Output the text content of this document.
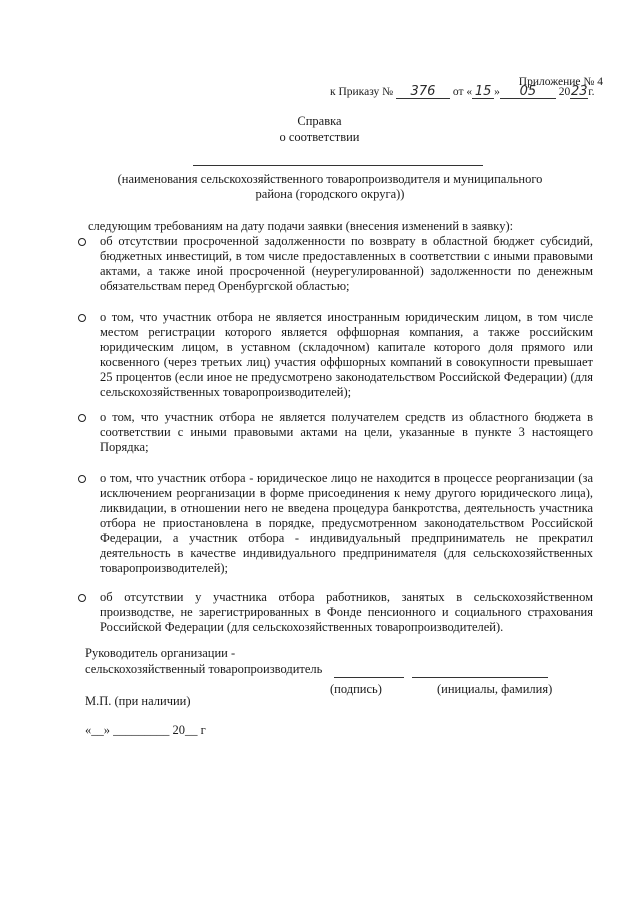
Приложение № 4
к Приказу № 376 от « 15 » 05 2023г.
Справка
о соответствии
(наименования сельскохозяйственного товаропроизводителя и муниципального района (городского округа))
следующим требованиям на дату подачи заявки (внесения изменений в заявку):
об отсутствии просроченной задолженности по возврату в областной бюджет субсидий, бюджетных инвестиций, в том числе предоставленных в соответствии с иными правовыми актами, а также иной просроченной (неурегулированной) задолженности по денежным обязательствам перед Оренбургской областью;
о том, что участник отбора не является иностранным юридическим лицом, в том числе местом регистрации которого является оффшорная компания, а также российским юридическим лицом, в уставном (складочном) капитале которого доля прямого или косвенного (через третьих лиц) участия оффшорных компаний в совокупности превышает 25 процентов (если иное не предусмотрено законодательством Российской Федерации) (для сельскохозяйственных товаропроизводителей);
о том, что участник отбора не является получателем средств из областного бюджета в соответствии с иными правовыми актами на цели, указанные в пункте 3 настоящего Порядка;
о том, что участник отбора - юридическое лицо не находится в процессе реорганизации (за исключением реорганизации в форме присоединения к нему другого юридического лица), ликвидации, в отношении него не введена процедура банкротства, деятельность участника отбора не приостановлена в порядке, предусмотренном законодательством Российской Федерации, а участник отбора - индивидуальный предприниматель не прекратил деятельность в качестве индивидуального предпринимателя (для сельскохозяйственных товаропроизводителей);
об отсутствии у участника отбора работников, занятых в сельскохозяйственном производстве, не зарегистрированных в Фонде пенсионного и социального страхования Российской Федерации (для сельскохозяйственных товаропроизводителей).
Руководитель организации -
сельскохозяйственный товаропроизводитель
(подпись)	(инициалы, фамилия)
М.П. (при наличии)
«__» _________ 20__ г
